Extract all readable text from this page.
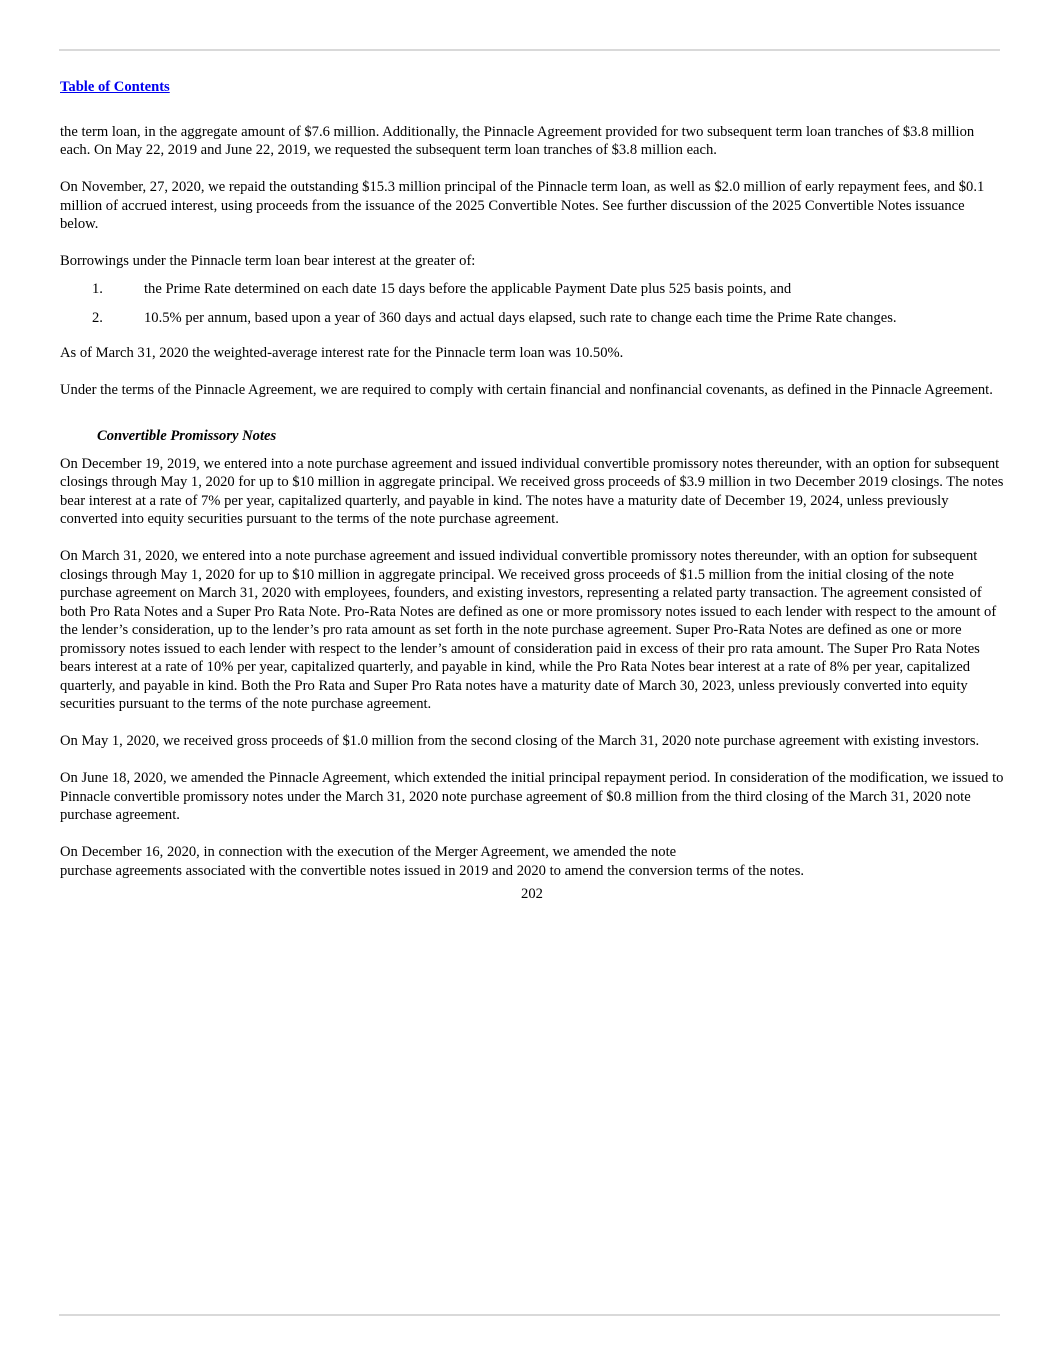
Table of Contents

the term loan, in the aggregate amount of $7.6 million. Additionally, the Pinnacle Agreement provided for two subsequent term loan tranches of $3.8 million each. On May 22, 2019 and June 22, 2019, we requested the subsequent term loan tranches of $3.8 million each.

On November, 27, 2020, we repaid the outstanding $15.3 million principal of the Pinnacle term loan, as well as $2.0 million of early repayment fees, and $0.1 million of accrued interest, using proceeds from the issuance of the 2025 Convertible Notes. See further discussion of the 2025 Convertible Notes issuance below.

Borrowings under the Pinnacle term loan bear interest at the greater of:

1.	the Prime Rate determined on each date 15 days before the applicable Payment Date plus 525 basis points, and
2.	10.5% per annum, based upon a year of 360 days and actual days elapsed, such rate to change each time the Prime Rate changes.

As of March 31, 2020 the weighted-average interest rate for the Pinnacle term loan was 10.50%.

Under the terms of the Pinnacle Agreement, we are required to comply with certain financial and nonfinancial covenants, as defined in the Pinnacle Agreement.

Convertible Promissory Notes

On December 19, 2019, we entered into a note purchase agreement and issued individual convertible promissory notes thereunder, with an option for subsequent closings through May 1, 2020 for up to $10 million in aggregate principal. We received gross proceeds of $3.9 million in two December 2019 closings. The notes bear interest at a rate of 7% per year, capitalized quarterly, and payable in kind. The notes have a maturity date of December 19, 2024, unless previously converted into equity securities pursuant to the terms of the note purchase agreement.

On March 31, 2020, we entered into a note purchase agreement and issued individual convertible promissory notes thereunder, with an option for subsequent closings through May 1, 2020 for up to $10 million in aggregate principal. We received gross proceeds of $1.5 million from the initial closing of the note purchase agreement on March 31, 2020 with employees, founders, and existing investors, representing a related party transaction. The agreement consisted of both Pro Rata Notes and a Super Pro Rata Note. Pro-Rata Notes are defined as one or more promissory notes issued to each lender with respect to the amount of the lender’s consideration, up to the lender’s pro rata amount as set forth in the note purchase agreement. Super Pro-Rata Notes are defined as one or more promissory notes issued to each lender with respect to the lender’s amount of consideration paid in excess of their pro rata amount. The Super Pro Rata Notes bears interest at a rate of 10% per year, capitalized quarterly, and payable in kind, while the Pro Rata Notes bear interest at a rate of 8% per year, capitalized quarterly, and payable in kind. Both the Pro Rata and Super Pro Rata notes have a maturity date of March 30, 2023, unless previously converted into equity securities pursuant to the terms of the note purchase agreement.

On May 1, 2020, we received gross proceeds of $1.0 million from the second closing of the March 31, 2020 note purchase agreement with existing investors.

On June 18, 2020, we amended the Pinnacle Agreement, which extended the initial principal repayment period. In consideration of the modification, we issued to Pinnacle convertible promissory notes under the March 31, 2020 note purchase agreement of $0.8 million from the third closing of the March 31, 2020 note purchase agreement.

On December 16, 2020, in connection with the execution of the Merger Agreement, we amended the note
purchase agreements associated with the convertible notes issued in 2019 and 2020 to amend the conversion terms of the notes.

202
